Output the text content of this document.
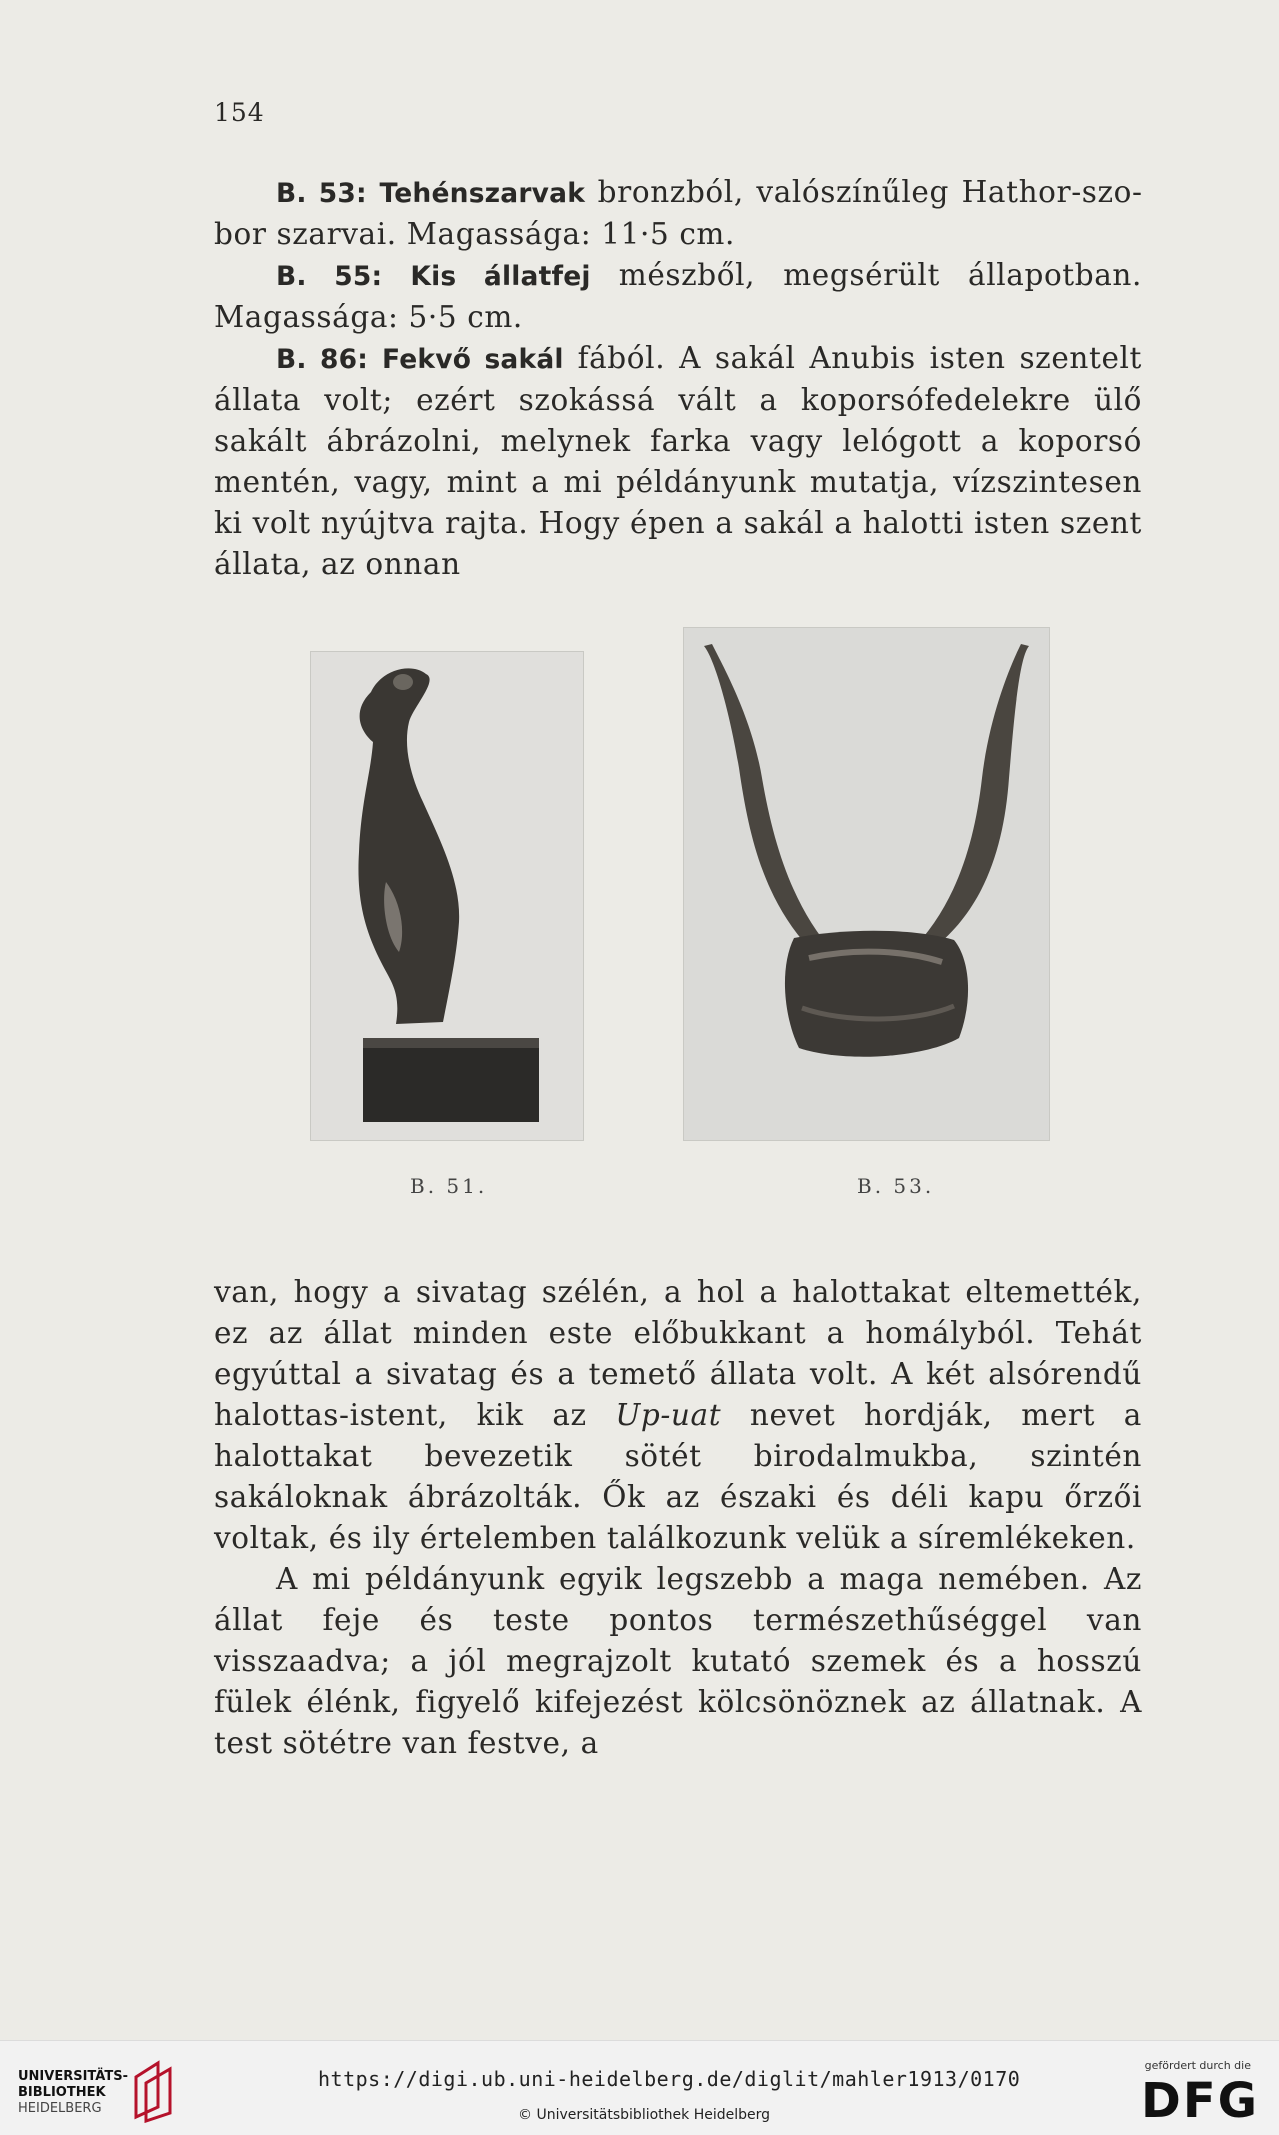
154

B. 53: Tehénszarvak bronzból, valószínűleg Hathor-szobor szarvai. Magassága: 11·5 cm.

B. 55: Kis állatfej mészből, megsérült állapotban. Magassága: 5·5 cm.

B. 86: Fekvő sakál fából. A sakál Anubis isten szentelt állata volt; ezért szokássá vált a koporsófedelekre ülő sakált ábrázolni, melynek farka vagy lelógott a koporsó mentén, vagy, mint a mi példányunk mutatja, vízszintesen ki volt nyújtva rajta. Hogy épen a sakál a halotti isten szent állata, az onnan

B. 51.	B. 53.

van, hogy a sivatag szélén, a hol a halottakat eltemették, ez az állat minden este előbukkant a homályból. Tehát egyúttal a sivatag és a temető állata volt. A két alsórendű halottas-istent, kik az Up-uat nevet hordják, mert a halottakat bevezetik sötét birodalmukba, szintén sakáloknak ábrázolták. Ők az északi és déli kapu őrzői voltak, és ily értelemben találkozunk velük a síremlékeken.

A mi példányunk egyik legszebb a maga nemében. Az állat feje és teste pontos természethűséggel van visszaadva; a jól megrajzolt kutató szemek és a hosszú fülek élénk, figyelő kifejezést kölcsönöznek az állatnak. A test sötétre van festve, a

UNIVERSITÄTS-
BIBLIOTHEK
HEIDELBERG
https://digi.ub.uni-heidelberg.de/diglit/mahler1913/0170
© Universitätsbibliothek Heidelberg
gefördert durch die
DFG
